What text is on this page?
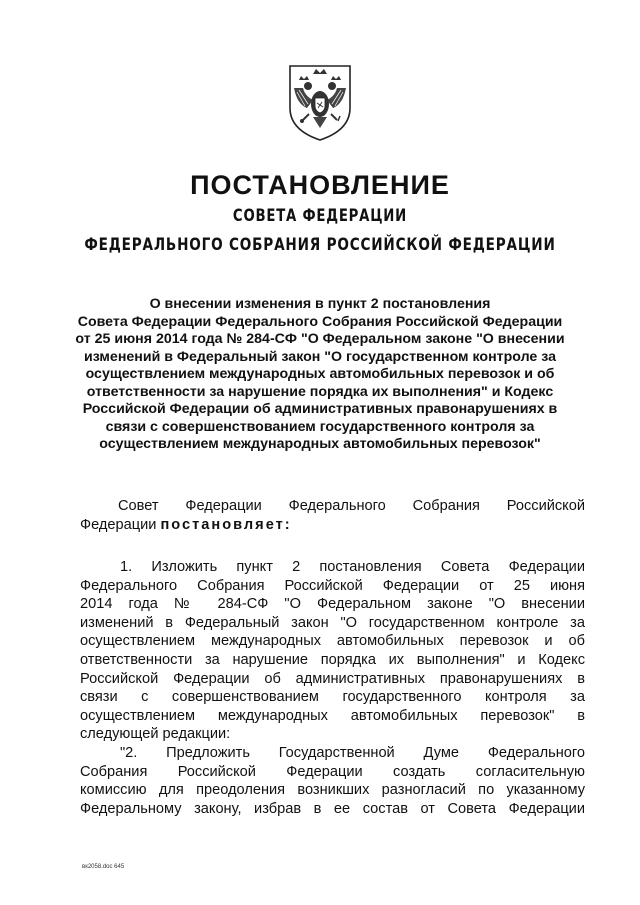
ПОСТАНОВЛЕНИЕ
СОВЕТА ФЕДЕРАЦИИ
ФЕДЕРАЛЬНОГО СОБРАНИЯ РОССИЙСКОЙ ФЕДЕРАЦИИ
О внесении изменения в пункт 2 постановления
Совета Федерации Федерального Собрания Российской Федерации
от 25 июня 2014 года № 284-СФ "О Федеральном законе "О внесении
изменений в Федеральный закон "О государственном контроле за
осуществлением международных автомобильных перевозок и об
ответственности за нарушение порядка их выполнения" и Кодекс
Российской Федерации об административных правонарушениях в
связи с совершенствованием государственного контроля за
осуществлением международных автомобильных перевозок"
Совет Федерации Федерального Собрания Российской
Федерации постановляет:
1. Изложить пункт 2 постановления Совета Федерации
Федерального Собрания Российской Федерации от 25 июня
2014 года № 284-СФ "О Федеральном законе "О внесении
изменений в Федеральный закон "О государственном контроле за
осуществлением международных автомобильных перевозок и об
ответственности за нарушение порядка их выполнения" и Кодекс
Российской Федерации об административных правонарушениях в
связи с совершенствованием государственного контроля за
осуществлением международных автомобильных перевозок" в
следующей редакции:
"2. Предложить Государственной Думе Федерального
Собрания Российской Федерации создать согласительную
комиссию для преодоления возникших разногласий по указанному
Федеральному закону, избрав в ее состав от Совета Федерации
вк2058.doc 645
